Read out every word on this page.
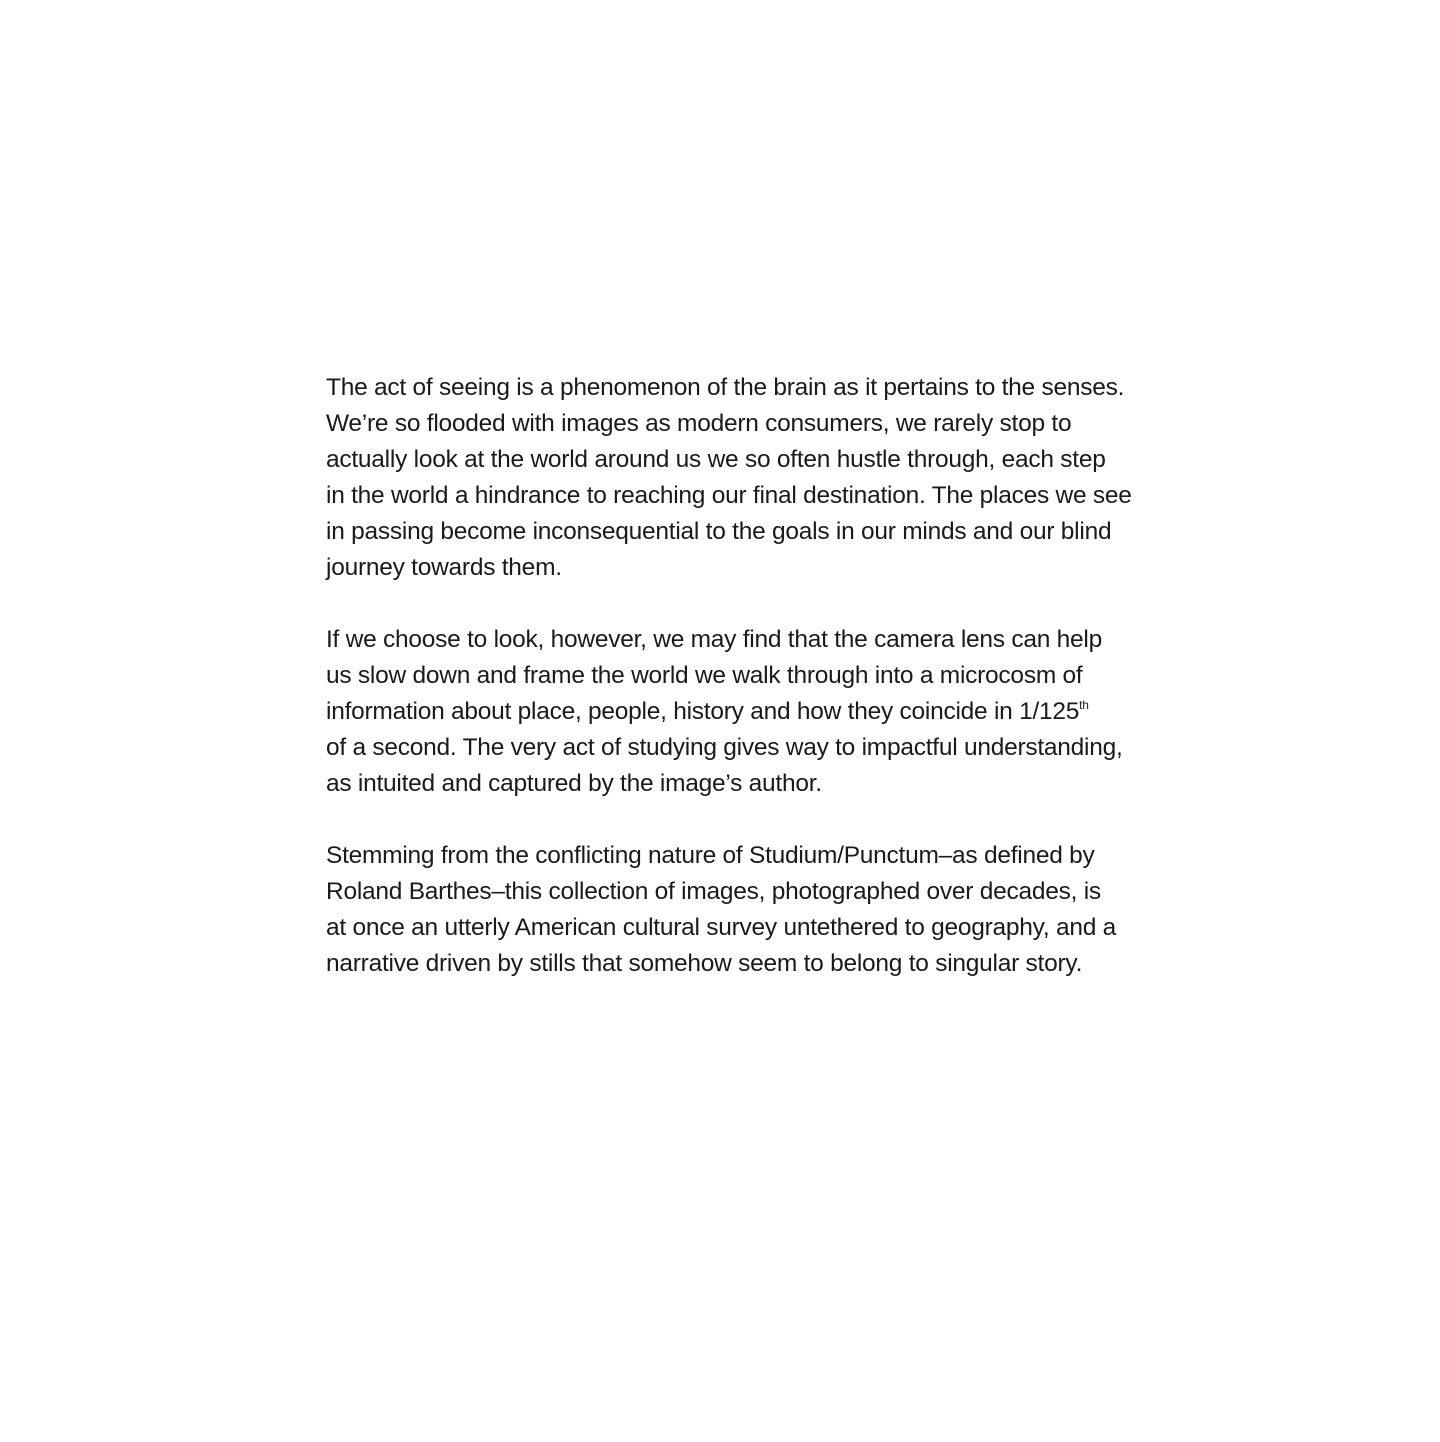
The act of seeing is a phenomenon of the brain as it pertains to the senses.
We’re so flooded with images as modern consumers, we rarely stop to
actually look at the world around us we so often hustle through, each step
in the world a hindrance to reaching our final destination. The places we see
in passing become inconsequential to the goals in our minds and our blind
journey towards them.

If we choose to look, however, we may find that the camera lens can help
us slow down and frame the world we walk through into a microcosm of
information about place, people, history and how they coincide in 1/125th
of a second. The very act of studying gives way to impactful understanding,
as intuited and captured by the image’s author.

Stemming from the conflicting nature of Studium/Punctum–as defined by
Roland Barthes–this collection of images, photographed over decades, is
at once an utterly American cultural survey untethered to geography, and a
narrative driven by stills that somehow seem to belong to singular story.
